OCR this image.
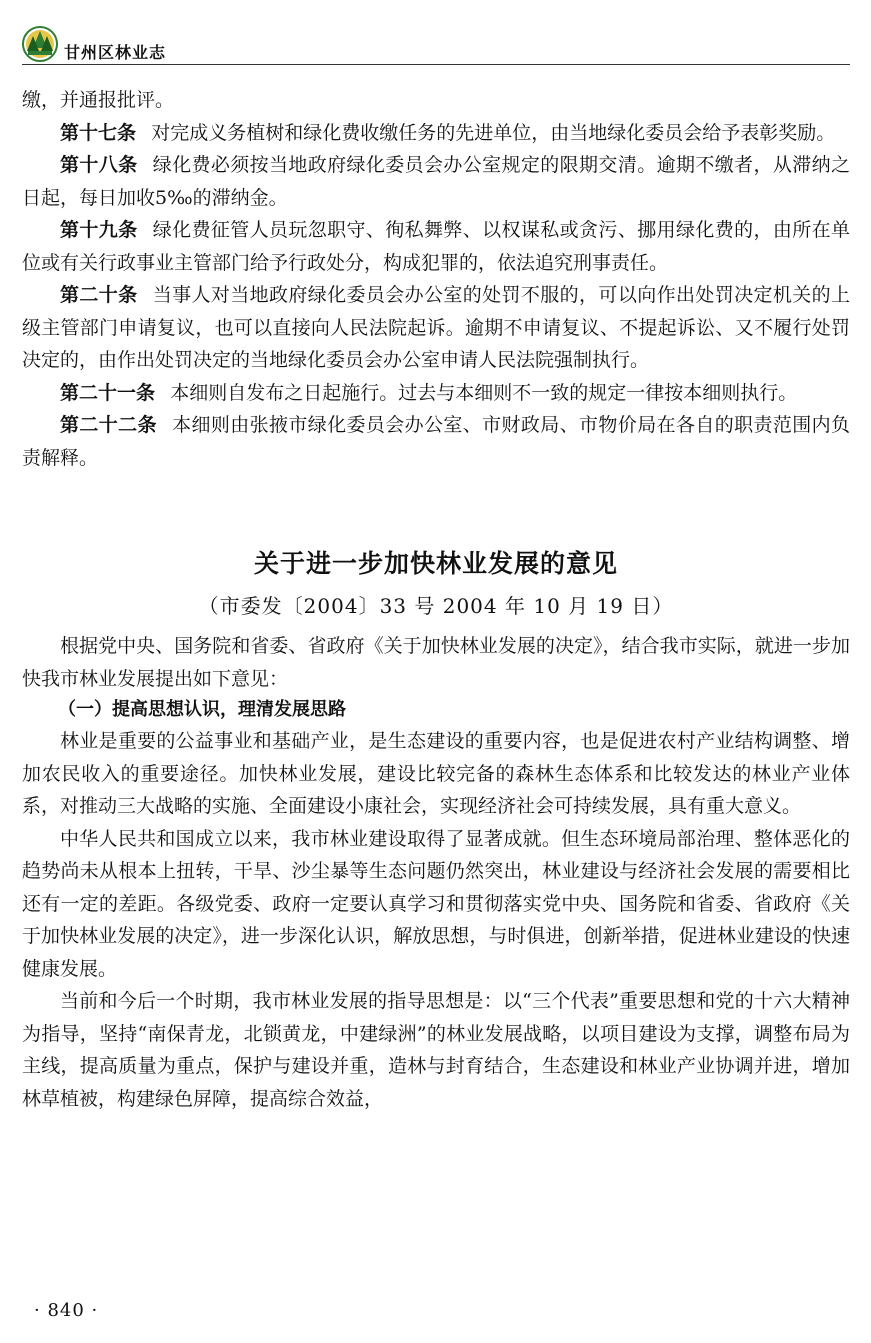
甘州区林业志

缴，并通报批评。

第十七条 对完成义务植树和绿化费收缴任务的先进单位，由当地绿化委员会给予表彰奖励。

第十八条 绿化费必须按当地政府绿化委员会办公室规定的限期交清。逾期不缴者，从滞纳之日起，每日加收5‰的滞纳金。

第十九条 绿化费征管人员玩忽职守、徇私舞弊、以权谋私或贪污、挪用绿化费的，由所在单位或有关行政事业主管部门给予行政处分，构成犯罪的，依法追究刑事责任。

第二十条 当事人对当地政府绿化委员会办公室的处罚不服的，可以向作出处罚决定机关的上级主管部门申请复议，也可以直接向人民法院起诉。逾期不申请复议、不提起诉讼、又不履行处罚决定的，由作出处罚决定的当地绿化委员会办公室申请人民法院强制执行。

第二十一条 本细则自发布之日起施行。过去与本细则不一致的规定一律按本细则执行。

第二十二条 本细则由张掖市绿化委员会办公室、市财政局、市物价局在各自的职责范围内负责解释。

关于进一步加快林业发展的意见
（市委发〔2004〕33 号 2004 年 10 月 19 日）

根据党中央、国务院和省委、省政府《关于加快林业发展的决定》，结合我市实际，就进一步加快我市林业发展提出如下意见：

（一）提高思想认识，理清发展思路

林业是重要的公益事业和基础产业，是生态建设的重要内容，也是促进农村产业结构调整、增加农民收入的重要途径。加快林业发展，建设比较完备的森林生态体系和比较发达的林业产业体系，对推动三大战略的实施、全面建设小康社会，实现经济社会可持续发展，具有重大意义。

中华人民共和国成立以来，我市林业建设取得了显著成就。但生态环境局部治理、整体恶化的趋势尚未从根本上扭转，干旱、沙尘暴等生态问题仍然突出，林业建设与经济社会发展的需要相比还有一定的差距。各级党委、政府一定要认真学习和贯彻落实党中央、国务院和省委、省政府《关于加快林业发展的决定》，进一步深化认识，解放思想，与时俱进，创新举措，促进林业建设的快速健康发展。

当前和今后一个时期，我市林业发展的指导思想是：以“三个代表”重要思想和党的十六大精神为指导，坚持“南保青龙，北锁黄龙，中建绿洲”的林业发展战略，以项目建设为支撑，调整布局为主线，提高质量为重点，保护与建设并重，造林与封育结合，生态建设和林业产业协调并进，增加林草植被，构建绿色屏障，提高综合效益，

· 840 ·
